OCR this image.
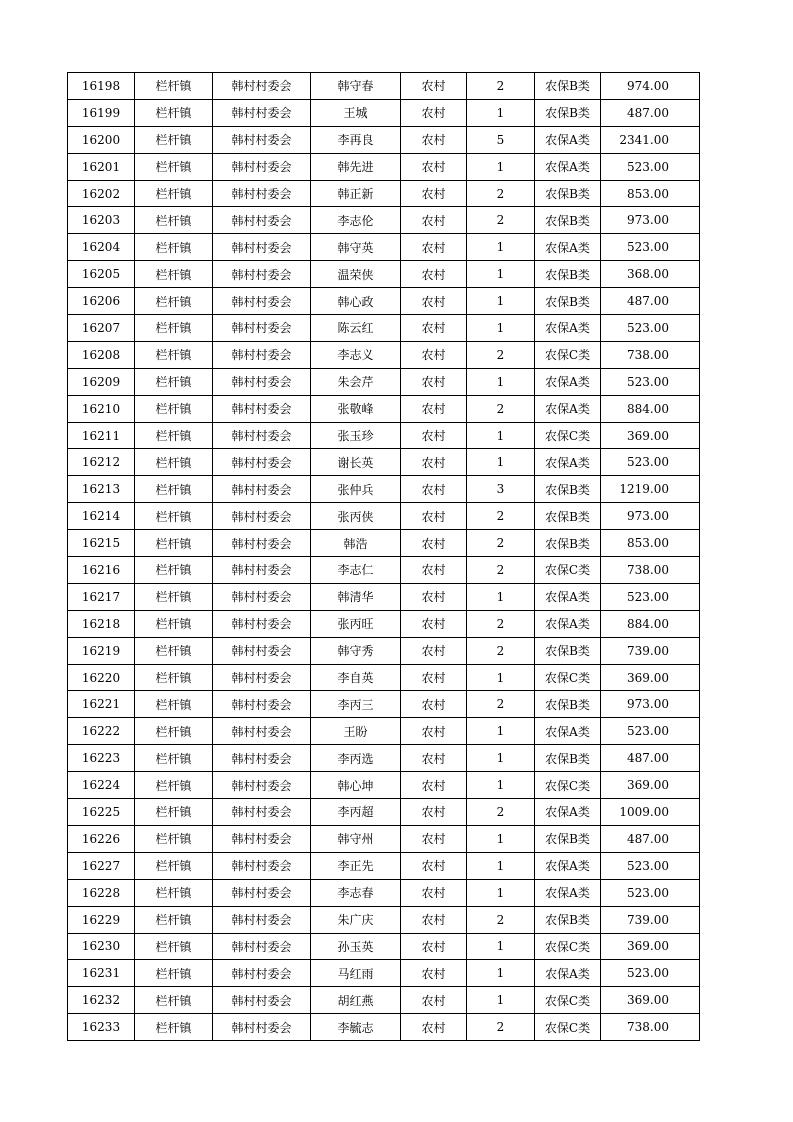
16198	栏杆镇	韩村村委会	韩守春	农村	2	农保B类	974.00
16199	栏杆镇	韩村村委会	王城	农村	1	农保B类	487.00
16200	栏杆镇	韩村村委会	李再良	农村	5	农保A类	2341.00
16201	栏杆镇	韩村村委会	韩先进	农村	1	农保A类	523.00
16202	栏杆镇	韩村村委会	韩正新	农村	2	农保B类	853.00
16203	栏杆镇	韩村村委会	李志伦	农村	2	农保B类	973.00
16204	栏杆镇	韩村村委会	韩守英	农村	1	农保A类	523.00
16205	栏杆镇	韩村村委会	温荣侠	农村	1	农保B类	368.00
16206	栏杆镇	韩村村委会	韩心政	农村	1	农保B类	487.00
16207	栏杆镇	韩村村委会	陈云红	农村	1	农保A类	523.00
16208	栏杆镇	韩村村委会	李志义	农村	2	农保C类	738.00
16209	栏杆镇	韩村村委会	朱会芹	农村	1	农保A类	523.00
16210	栏杆镇	韩村村委会	张敬峰	农村	2	农保A类	884.00
16211	栏杆镇	韩村村委会	张玉珍	农村	1	农保C类	369.00
16212	栏杆镇	韩村村委会	谢长英	农村	1	农保A类	523.00
16213	栏杆镇	韩村村委会	张仲兵	农村	3	农保B类	1219.00
16214	栏杆镇	韩村村委会	张丙侠	农村	2	农保B类	973.00
16215	栏杆镇	韩村村委会	韩浩	农村	2	农保B类	853.00
16216	栏杆镇	韩村村委会	李志仁	农村	2	农保C类	738.00
16217	栏杆镇	韩村村委会	韩清华	农村	1	农保A类	523.00
16218	栏杆镇	韩村村委会	张丙旺	农村	2	农保A类	884.00
16219	栏杆镇	韩村村委会	韩守秀	农村	2	农保B类	739.00
16220	栏杆镇	韩村村委会	李自英	农村	1	农保C类	369.00
16221	栏杆镇	韩村村委会	李丙三	农村	2	农保B类	973.00
16222	栏杆镇	韩村村委会	王盼	农村	1	农保A类	523.00
16223	栏杆镇	韩村村委会	李丙选	农村	1	农保B类	487.00
16224	栏杆镇	韩村村委会	韩心坤	农村	1	农保C类	369.00
16225	栏杆镇	韩村村委会	李丙超	农村	2	农保A类	1009.00
16226	栏杆镇	韩村村委会	韩守州	农村	1	农保B类	487.00
16227	栏杆镇	韩村村委会	李正先	农村	1	农保A类	523.00
16228	栏杆镇	韩村村委会	李志春	农村	1	农保A类	523.00
16229	栏杆镇	韩村村委会	朱广庆	农村	2	农保B类	739.00
16230	栏杆镇	韩村村委会	孙玉英	农村	1	农保C类	369.00
16231	栏杆镇	韩村村委会	马红雨	农村	1	农保A类	523.00
16232	栏杆镇	韩村村委会	胡红燕	农村	1	农保C类	369.00
16233	栏杆镇	韩村村委会	李毓志	农村	2	农保C类	738.00
